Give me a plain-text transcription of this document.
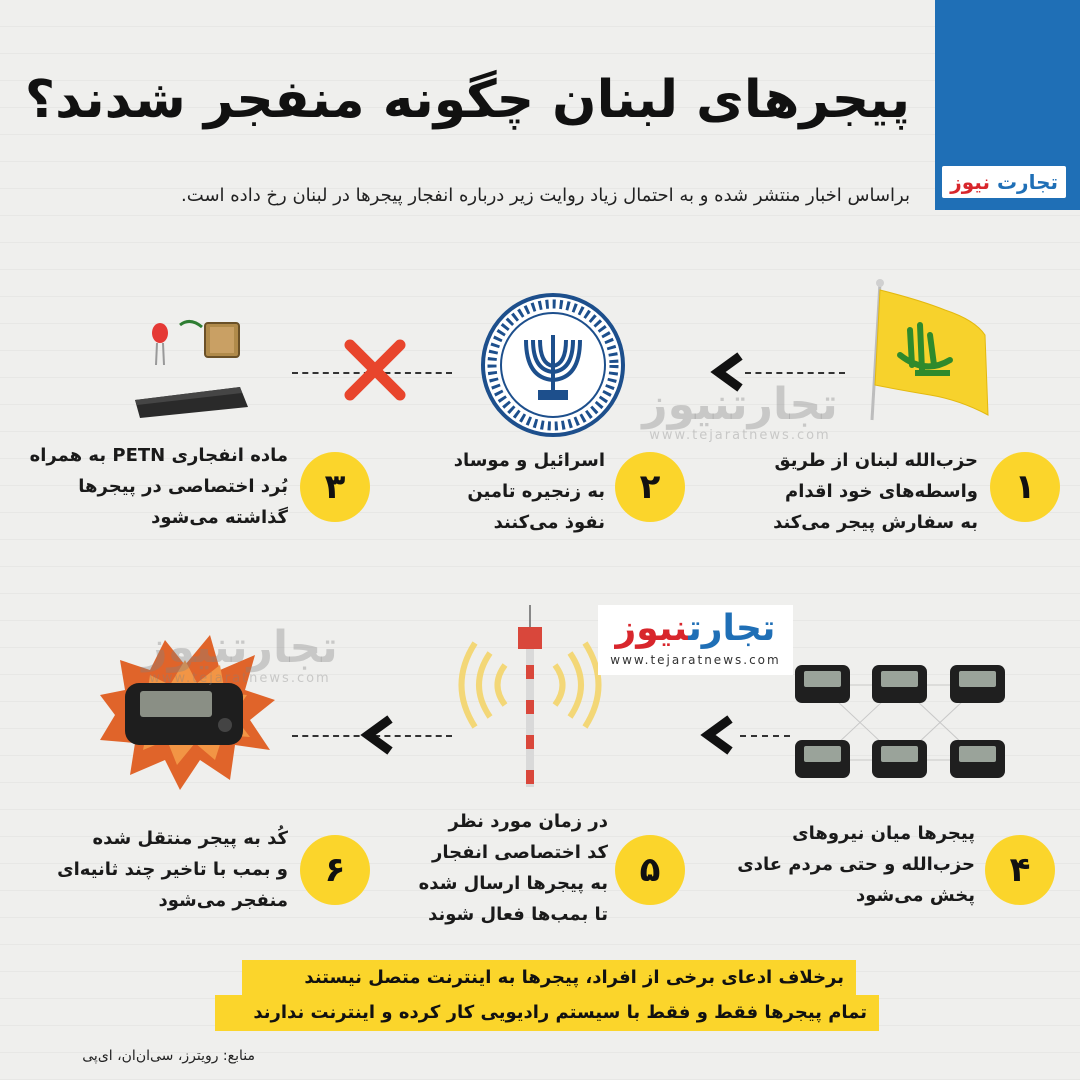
تجارت نیوز
پیجرهای لبنان چگونه منفجر شدند؟
براساس اخبار منتشر شده و به احتمال زیاد روایت زیر درباره انفجار پیجرها در لبنان رخ داده است.
۱
حزب‌الله لبنان از طریق
واسطه‌های خود اقدام
به سفارش پیجر می‌کند
۲
اسرائیل و موساد
به زنجیره تامین
نفوذ می‌کنند
۳
ماده انفجاری PETN به همراه
بُرد اختصاصی در پیجرها
گذاشته می‌شود
تجارتنیوز
www.tejaratnews.com
تجارتنیوز
www.tejaratnews.com
تجارتنیوز
www.tejaratnews.com
۴
پیجرها میان نیروهای
حزب‌الله و حتی مردم عادی
پخش می‌شود
۵
در زمان مورد نظر
کد اختصاصی انفجار
به پیجرها ارسال شده
تا بمب‌ها فعال شوند
۶
کُد به پیجر منتقل شده
و بمب با تاخیر چند ثانیه‌ای
منفجر می‌شود
برخلاف ادعای برخی از افراد، پیجرها به اینترنت متصل نیستند
تمام پیجرها فقط و فقط با سیستم رادیویی کار کرده و اینترنت ندارند
منابع: رویترز، سی‌ان‌ان، ای‌پی
